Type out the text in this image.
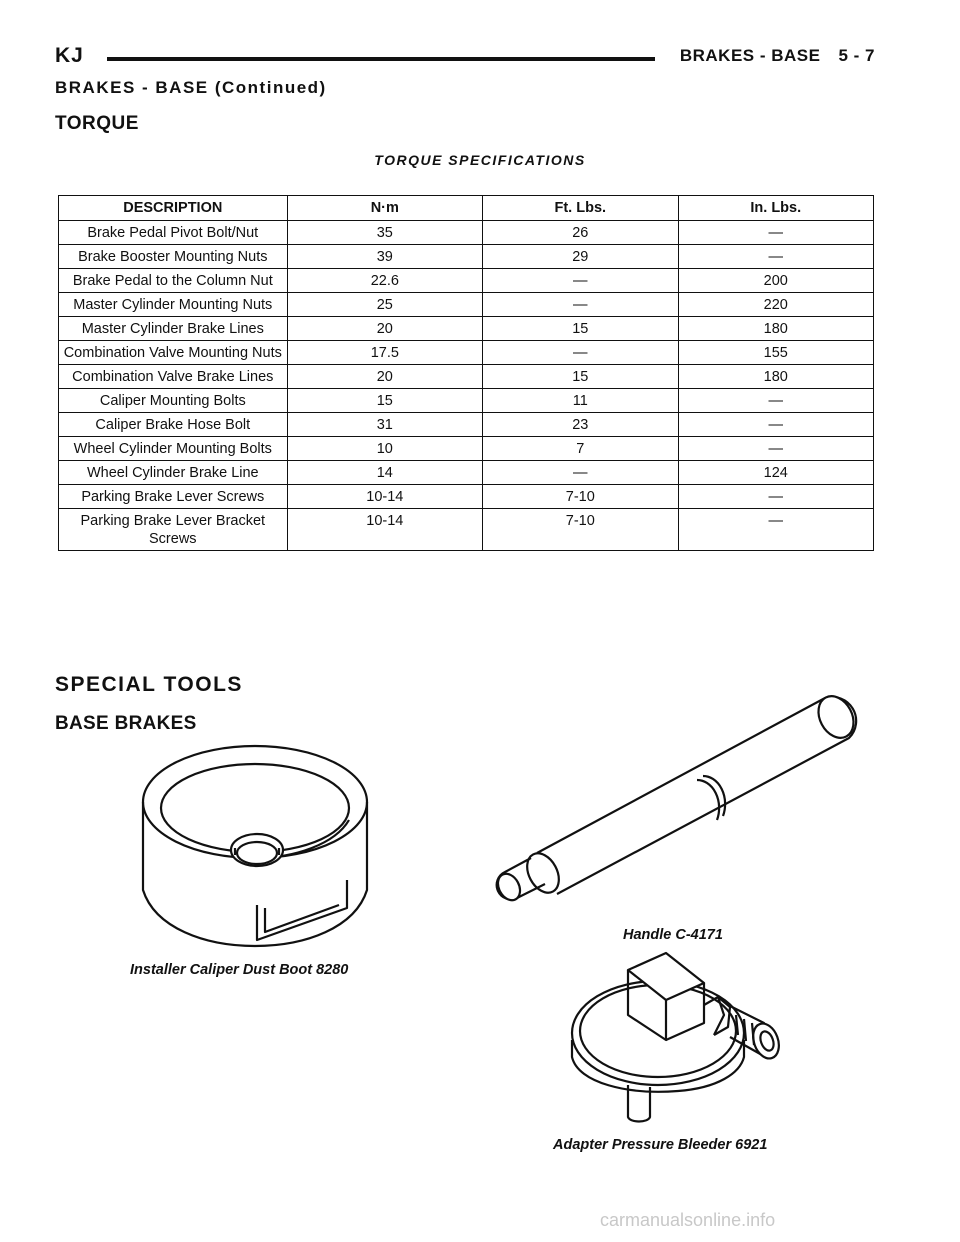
KJ	BRAKES - BASE 5 - 7
BRAKES - BASE (Continued)
TORQUE
TORQUE SPECIFICATIONS
DESCRIPTION	N·m	Ft. Lbs.	In. Lbs.
Brake Pedal Pivot Bolt/Nut	35	26	—
Brake Booster Mounting Nuts	39	29	—
Brake Pedal to the Column Nut	22.6	—	200
Master Cylinder Mounting Nuts	25	—	220
Master Cylinder Brake Lines	20	15	180
Combination Valve Mounting Nuts	17.5	—	155
Combination Valve Brake Lines	20	15	180
Caliper Mounting Bolts	15	11	—
Caliper Brake Hose Bolt	31	23	—
Wheel Cylinder Mounting Bolts	10	7	—
Wheel Cylinder Brake Line	14	—	124
Parking Brake Lever Screws	10-14	7-10	—
Parking Brake Lever Bracket Screws	10-14	7-10	—
SPECIAL TOOLS
BASE BRAKES
Handle C-4171
Installer Caliper Dust Boot 8280
Adapter Pressure Bleeder 6921
carmanualsonline.info
